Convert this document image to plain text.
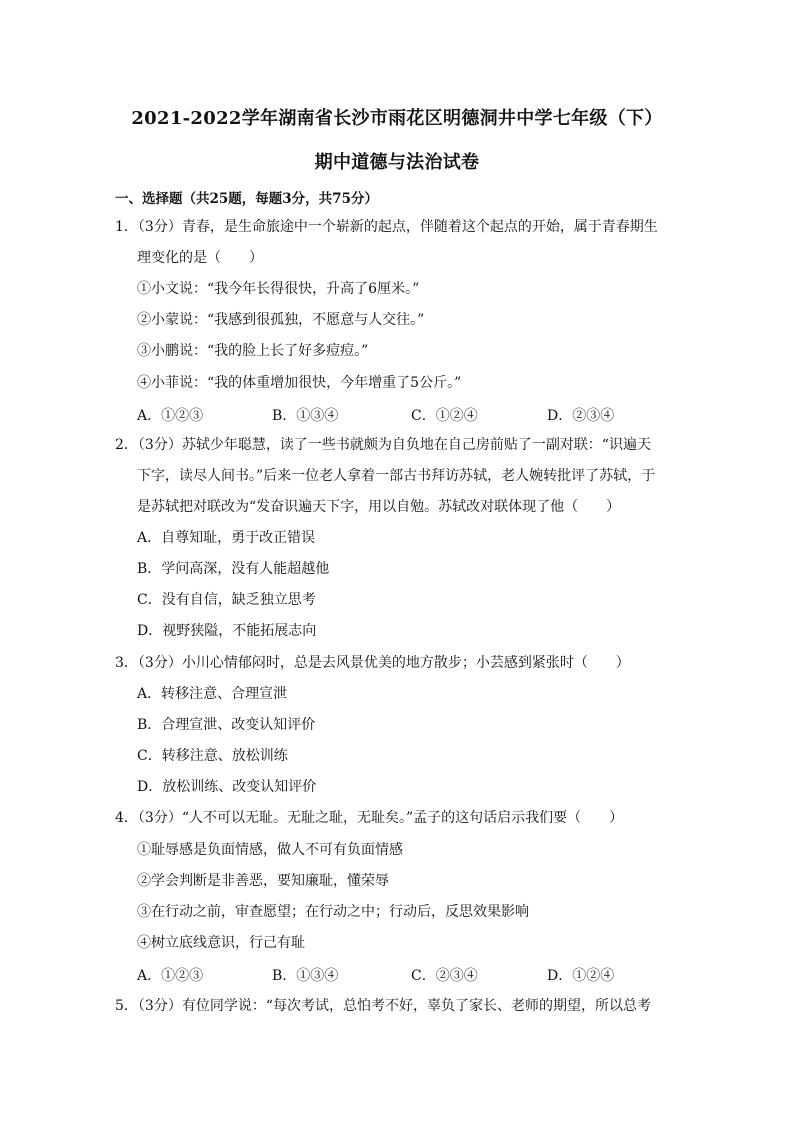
2021-2022学年湖南省长沙市雨花区明德洞井中学七年级（下）
期中道德与法治试卷
一、选择题（共25题，每题3分，共75分）
1．（3分）青春，是生命旅途中一个崭新的起点，伴随着这个起点的开始，属于青春期生
理变化的是（　　）
①小文说：“我今年长得很快，升高了6厘米。”
②小蒙说：“我感到很孤独，不愿意与人交往。”
③小鹏说：“我的脸上长了好多痘痘。”
④小菲说：“我的体重增加很快，今年增重了5公斤。”
A．①②③	B．①③④	C．①②④	D．②③④
2．（3分）苏轼少年聪慧，读了一些书就颇为自负地在自己房前贴了一副对联：“识遍天
下字，读尽人间书。”后来一位老人拿着一部古书拜访苏轼，老人婉转批评了苏轼，于
是苏轼把对联改为“发奋识遍天下字，用以自勉。苏轼改对联体现了他（　　）
A．自尊知耻，勇于改正错误
B．学问高深，没有人能超越他
C．没有自信，缺乏独立思考
D．视野狭隘，不能拓展志向
3．（3分）小川心情郁闷时，总是去风景优美的地方散步；小芸感到紧张时（　　）
A．转移注意、合理宣泄
B．合理宣泄、改变认知评价
C．转移注意、放松训练
D．放松训练、改变认知评价
4．（3分）“人不可以无耻。无耻之耻，无耻矣。”孟子的这句话启示我们要（　　）
①耻辱感是负面情感，做人不可有负面情感
②学会判断是非善恶，要知廉耻，懂荣辱
③在行动之前，审查愿望；在行动之中；行动后，反思效果影响
④树立底线意识，行己有耻
A．①②③	B．①③④	C．②③④	D．①②④
5．（3分）有位同学说：“每次考试，总怕考不好，辜负了家长、老师的期望，所以总考
